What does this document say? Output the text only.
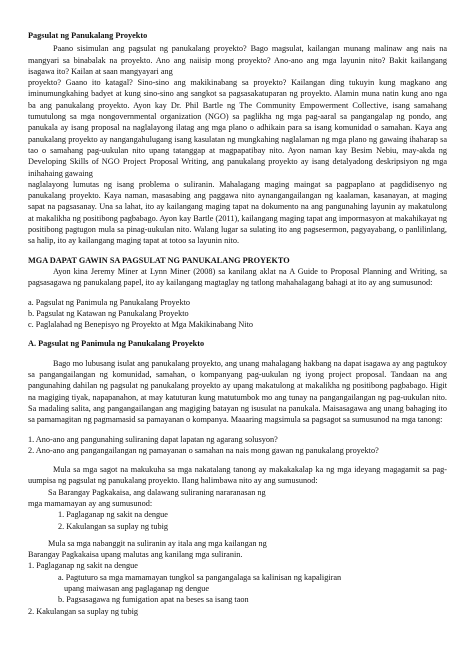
Pagsulat ng Panukalang Proyekto

Paano sisimulan ang pagsulat ng panukalang proyekto? Bago magsulat, kailangan munang malinaw ang nais na mangyari sa binabalak na proyekto. Ano ang naiisip mong proyekto? Ano-ano ang mga layunin nito? Bakit kailangang isagawa ito? Kailan at saan mangyayari ang

proyekto? Gaano ito katagal? Sino-sino ang makikinabang sa proyekto? Kailangan ding tukuyin kung magkano ang iminumungkahing badyet at kung sino-sino ang sangkot sa pagsasakatuparan ng proyekto. Alamin muna natin kung ano nga ba ang panukalang proyekto. Ayon kay Dr. Phil Bartle ng The Community Empowerment Collective, isang samahang tumutulong sa mga nongovernmental organization (NGO) sa paglikha ng mga pag-aaral sa pangangalap ng pondo, ang panukala ay isang proposal na naglalayong ilatag ang mga plano o adhikain para sa isang komunidad o samahan. Kaya ang panukalang proyekto ay nangangahulugang isang kasulatan ng mungkahing naglalaman ng mga plano ng gawaing ihaharap sa tao o samahang pag-uukulan nito upang tatanggap at magpapatibay nito. Ayon naman kay Besim Nebiu, may-akda ng Developing Skills of NGO Project Proposal Writing, ang panukalang proyekto ay isang detalyadong deskripsiyon ng mga inihahaing gawaing

naglalayong lumutas ng isang problema o suliranin. Mahalagang maging maingat sa pagpaplano at pagdidisenyo ng panukalang proyekto. Kaya naman, masasabing ang paggawa nito aynangangailangan ng kaalaman, kasanayan, at maging sapat na pagsasanay. Una sa lahat, ito ay kailangang maging tapat na dokumento na ang pangunahing layunin ay makatulong at makalikha ng positibong pagbabago. Ayon kay Bartle (2011), kailangang maging tapat ang impormasyon at makahikayat ng positibong pagtugon mula sa pinag-uukulan nito. Walang lugar sa sulating ito ang pagsesermon, pagyayabang, o panlilinlang, sa halip, ito ay kailangang maging tapat at totoo sa layunin nito.

MGA DAPAT GAWIN SA PAGSULAT NG PANUKALANG PROYEKTO

Ayon kina Jeremy Miner at Lynn Miner (2008) sa kanilang aklat na A Guide to Proposal Planning and Writing, sa pagsasagawa ng panukalang papel, ito ay kailangang magtaglay ng tatlong mahahalagang bahagi at ito ay ang sumusunod:

a. Pagsulat ng Panimula ng Panukalang Proyekto

b. Pagsulat ng Katawan ng Panukalang Proyekto

c. Paglalahad ng Benepisyo ng Proyekto at Mga Makikinabang Nito

A. Pagsulat ng Panimula ng Panukalang Proyekto

Bago mo lubusang isulat ang panukalang proyekto, ang unang mahalagang hakbang na dapat isagawa ay ang pagtukoy sa pangangailangan ng komunidad, samahan, o kompanyang pag-uukulan ng iyong project proposal. Tandaan na ang pangunahing dahilan ng pagsulat ng panukalang proyekto ay upang makatulong at makalikha ng positibong pagbabago. Higit na magiging tiyak, napapanahon, at may katuturan kung matutumbok mo ang tunay na pangangailangan ng pag-uukulan nito. Sa madaling salita, ang pangangailangan ang magiging batayan ng isusulat na panukala. Maisasagawa ang unang bahaging ito sa pamamagitan ng pagmamasid sa pamayanan o kompanya. Maaaring magsimula sa pagsagot sa sumusunod na mga tanong:

1. Ano-ano ang pangunahing suliraning dapat lapatan ng agarang solusyon?

2. Ano-ano ang pangangailangan ng pamayanan o samahan na nais mong gawan ng panukalang proyekto?

Mula sa mga sagot na makukuha sa mga nakatalang tanong ay makakakalap ka ng mga ideyang magagamit sa pag-uumpisa ng pagsulat ng panukalang proyekto. Ilang halimbawa nito ay ang sumusunod:

Sa Barangay Pagkakaisa, ang dalawang suliraning nararanasan ng

mga mamamayan ay ang sumusunod:

1. Paglaganap ng sakit na dengue

2. Kakulangan sa suplay ng tubig

Mula sa mga nabanggit na suliranin ay itala ang mga kailangan ng

Barangay Pagkakaisa upang malutas ang kanilang mga suliranin.

1. Paglaganap ng sakit na dengue

a. Pagtuturo sa mga mamamayan tungkol sa pangangalaga sa kalinisan ng kapaligiran

upang maiwasan ang paglaganap ng dengue

b. Pagsasagawa ng fumigation apat na beses sa isang taon

2. Kakulangan sa suplay ng tubig
